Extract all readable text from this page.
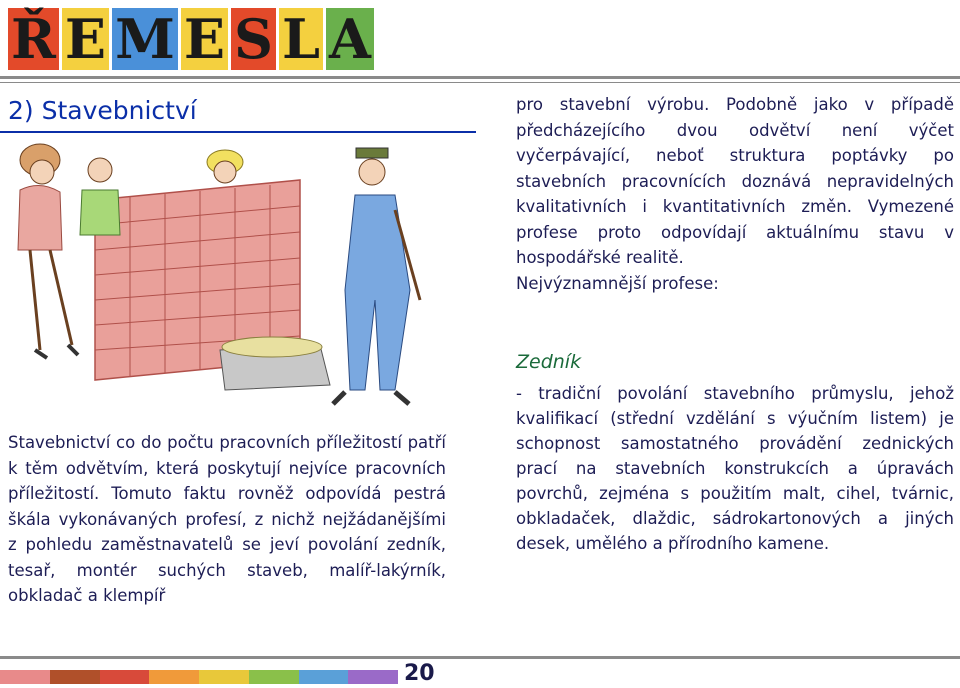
Ř E M E S L A
2) Stavebnictví
Stavebnictví co do počtu pracovních příležitostí patří k těm odvětvím, která poskytují nejvíce pracovních příležitostí. Tomuto faktu rovněž odpovídá pestrá škála vykonávaných profesí, z nichž nejžádanějšími z pohledu zaměstnavatelů se jeví povolání zedník, tesař, montér suchých staveb, malíř-lakýrník, obkladač a klempíř

pro stavební výrobu. Podobně jako v případě předcházejícího dvou odvětví není výčet vyčerpávající, neboť struktura poptávky po stavebních pracovnících doznává nepravidelných kvalitativních i kvantitativních změn. Vymezené profese proto odpovídají aktuálnímu stavu v hospodářské realitě.

Nejvýznamnější profese:

Zedník
- tradiční povolání stavebního průmyslu, jehož kvalifikací (střední vzdělání s výučním listem) je schopnost samostatného provádění zednických prací na stavebních konstrukcích a úpravách povrchů, zejména s použitím malt, cihel, tvárnic, obkladaček, dlaždic, sádrokartonových a jiných desek, umělého a přírodního kamene.
20
